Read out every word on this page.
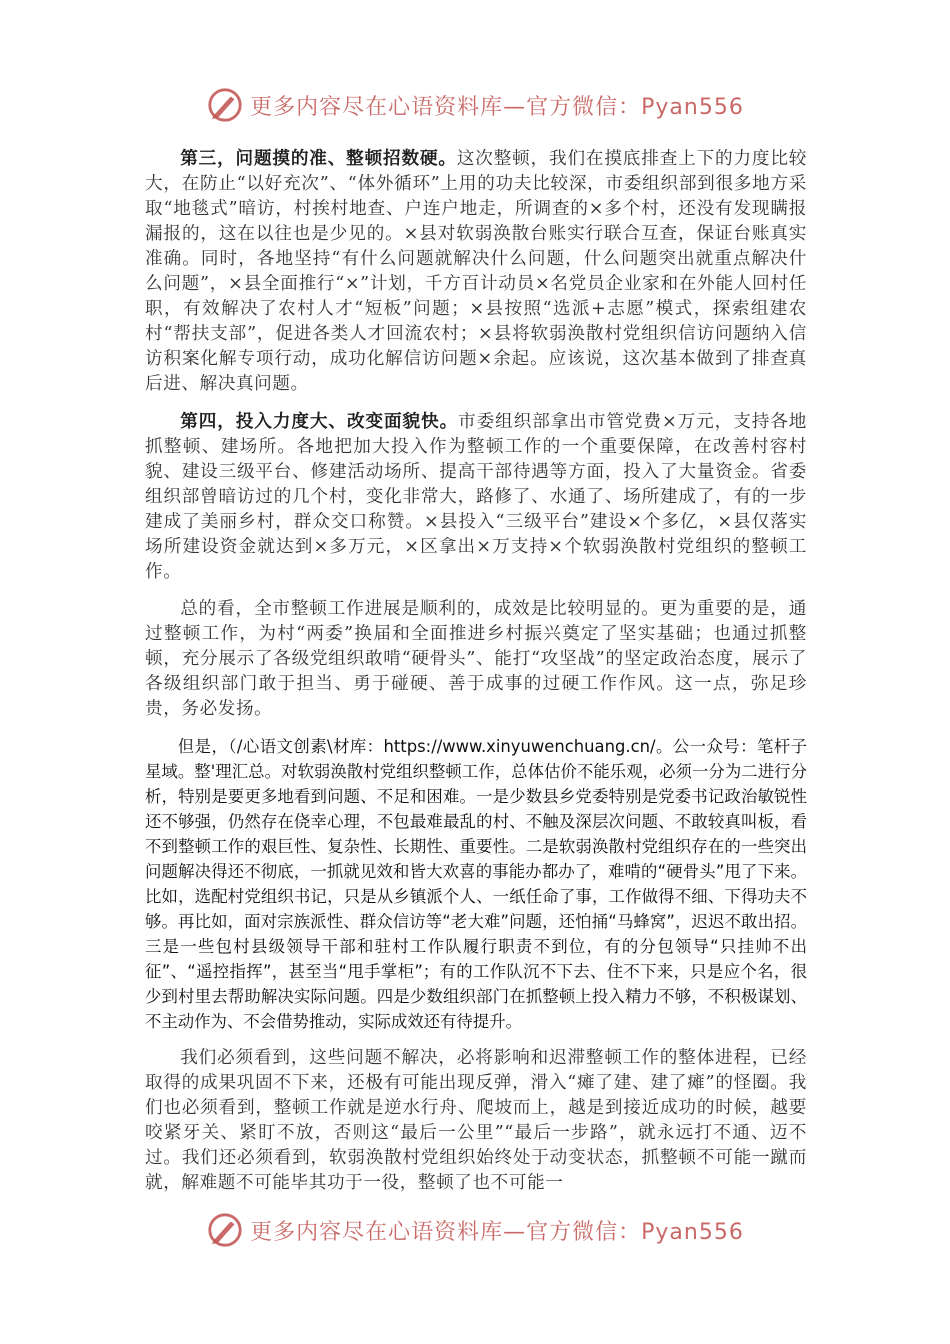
更多内容尽在心语资料库—官方微信：Pyan556

第三，问题摸的准、整顿招数硬。这次整顿，我们在摸底排查上下的力度比较大，在防止“以好充次”、“体外循环”上用的功夫比较深，市委组织部到很多地方采取“地毯式”暗访，村挨村地查、户连户地走，所调查的×多个村，还没有发现瞒报漏报的，这在以往也是少见的。×县对软弱涣散台账实行联合互查，保证台账真实准确。同时，各地坚持“有什么问题就解决什么问题，什么问题突出就重点解决什么问题”，×县全面推行“×”计划，千方百计动员×名党员企业家和在外能人回村任职，有效解决了农村人才“短板”问题；×县按照“选派+志愿”模式，探索组建农村“帮扶支部”，促进各类人才回流农村；×县将软弱涣散村党组织信访问题纳入信访积案化解专项行动，成功化解信访问题×余起。应该说，这次基本做到了排查真后进、解决真问题。

第四，投入力度大、改变面貌快。市委组织部拿出市管党费×万元，支持各地抓整顿、建场所。各地把加大投入作为整顿工作的一个重要保障，在改善村容村貌、建设三级平台、修建活动场所、提高干部待遇等方面，投入了大量资金。省委组织部曾暗访过的几个村，变化非常大，路修了、水通了、场所建成了，有的一步建成了美丽乡村，群众交口称赞。×县投入“三级平台”建设×个多亿，×县仅落实场所建设资金就达到×多万元，×区拿出×万支持×个软弱涣散村党组织的整顿工作。

总的看，全市整顿工作进展是顺利的，成效是比较明显的。更为重要的是，通过整顿工作，为村“两委”换届和全面推进乡村振兴奠定了坚实基础；也通过抓整顿，充分展示了各级党组织敢啃“硬骨头”、能打“攻坚战”的坚定政治态度，展示了各级组织部门敢于担当、勇于碰硬、善于成事的过硬工作作风。这一点，弥足珍贵，务必发扬。

但是，（/心语文创素\材库：https://www.xinyuwenchuang.cn/。公一众号：笔杆子星域。整'理汇总。对软弱涣散村党组织整顿工作，总体估价不能乐观，必须一分为二进行分析，特别是要更多地看到问题、不足和困难。一是少数县乡党委特别是党委书记政治敏锐性还不够强，仍然存在侥幸心理，不包最难最乱的村、不触及深层次问题、不敢较真叫板，看不到整顿工作的艰巨性、复杂性、长期性、重要性。二是软弱涣散村党组织存在的一些突出问题解决得还不彻底，一抓就见效和皆大欢喜的事能办都办了，难啃的“硬骨头”甩了下来。 比如，选配村党组织书记，只是从乡镇派个人、一纸任命了事，工作做得不细、下得功夫不够。再比如，面对宗族派性、群众信访等“老大难”问题，还怕捅“马蜂窝”，迟迟不敢出招。三是一些包村县级领导干部和驻村工作队履行职责不到位，有的分包领导“只挂帅不出征”、“遥控指挥”，甚至当“甩手掌柜”；有的工作队沉不下去、住不下来，只是应个名，很少到村里去帮助解决实际问题。四是少数组织部门在抓整顿上投入精力不够，不积极谋划、不主动作为、不会借势推动，实际成效还有待提升。

我们必须看到，这些问题不解决，必将影响和迟滞整顿工作的整体进程，已经取得的成果巩固不下来，还极有可能出现反弹，滑入“瘫了建、建了瘫”的怪圈。我们也必须看到，整顿工作就是逆水行舟、爬坡而上，越是到接近成功的时候，越要咬紧牙关、紧盯不放，否则这“最后一公里”“最后一步路”，就永远打不通、迈不过。我们还必须看到，软弱涣散村党组织始终处于动变状态，抓整顿不可能一蹴而就，解难题不可能毕其功于一役，整顿了也不可能一

更多内容尽在心语资料库—官方微信：Pyan556
